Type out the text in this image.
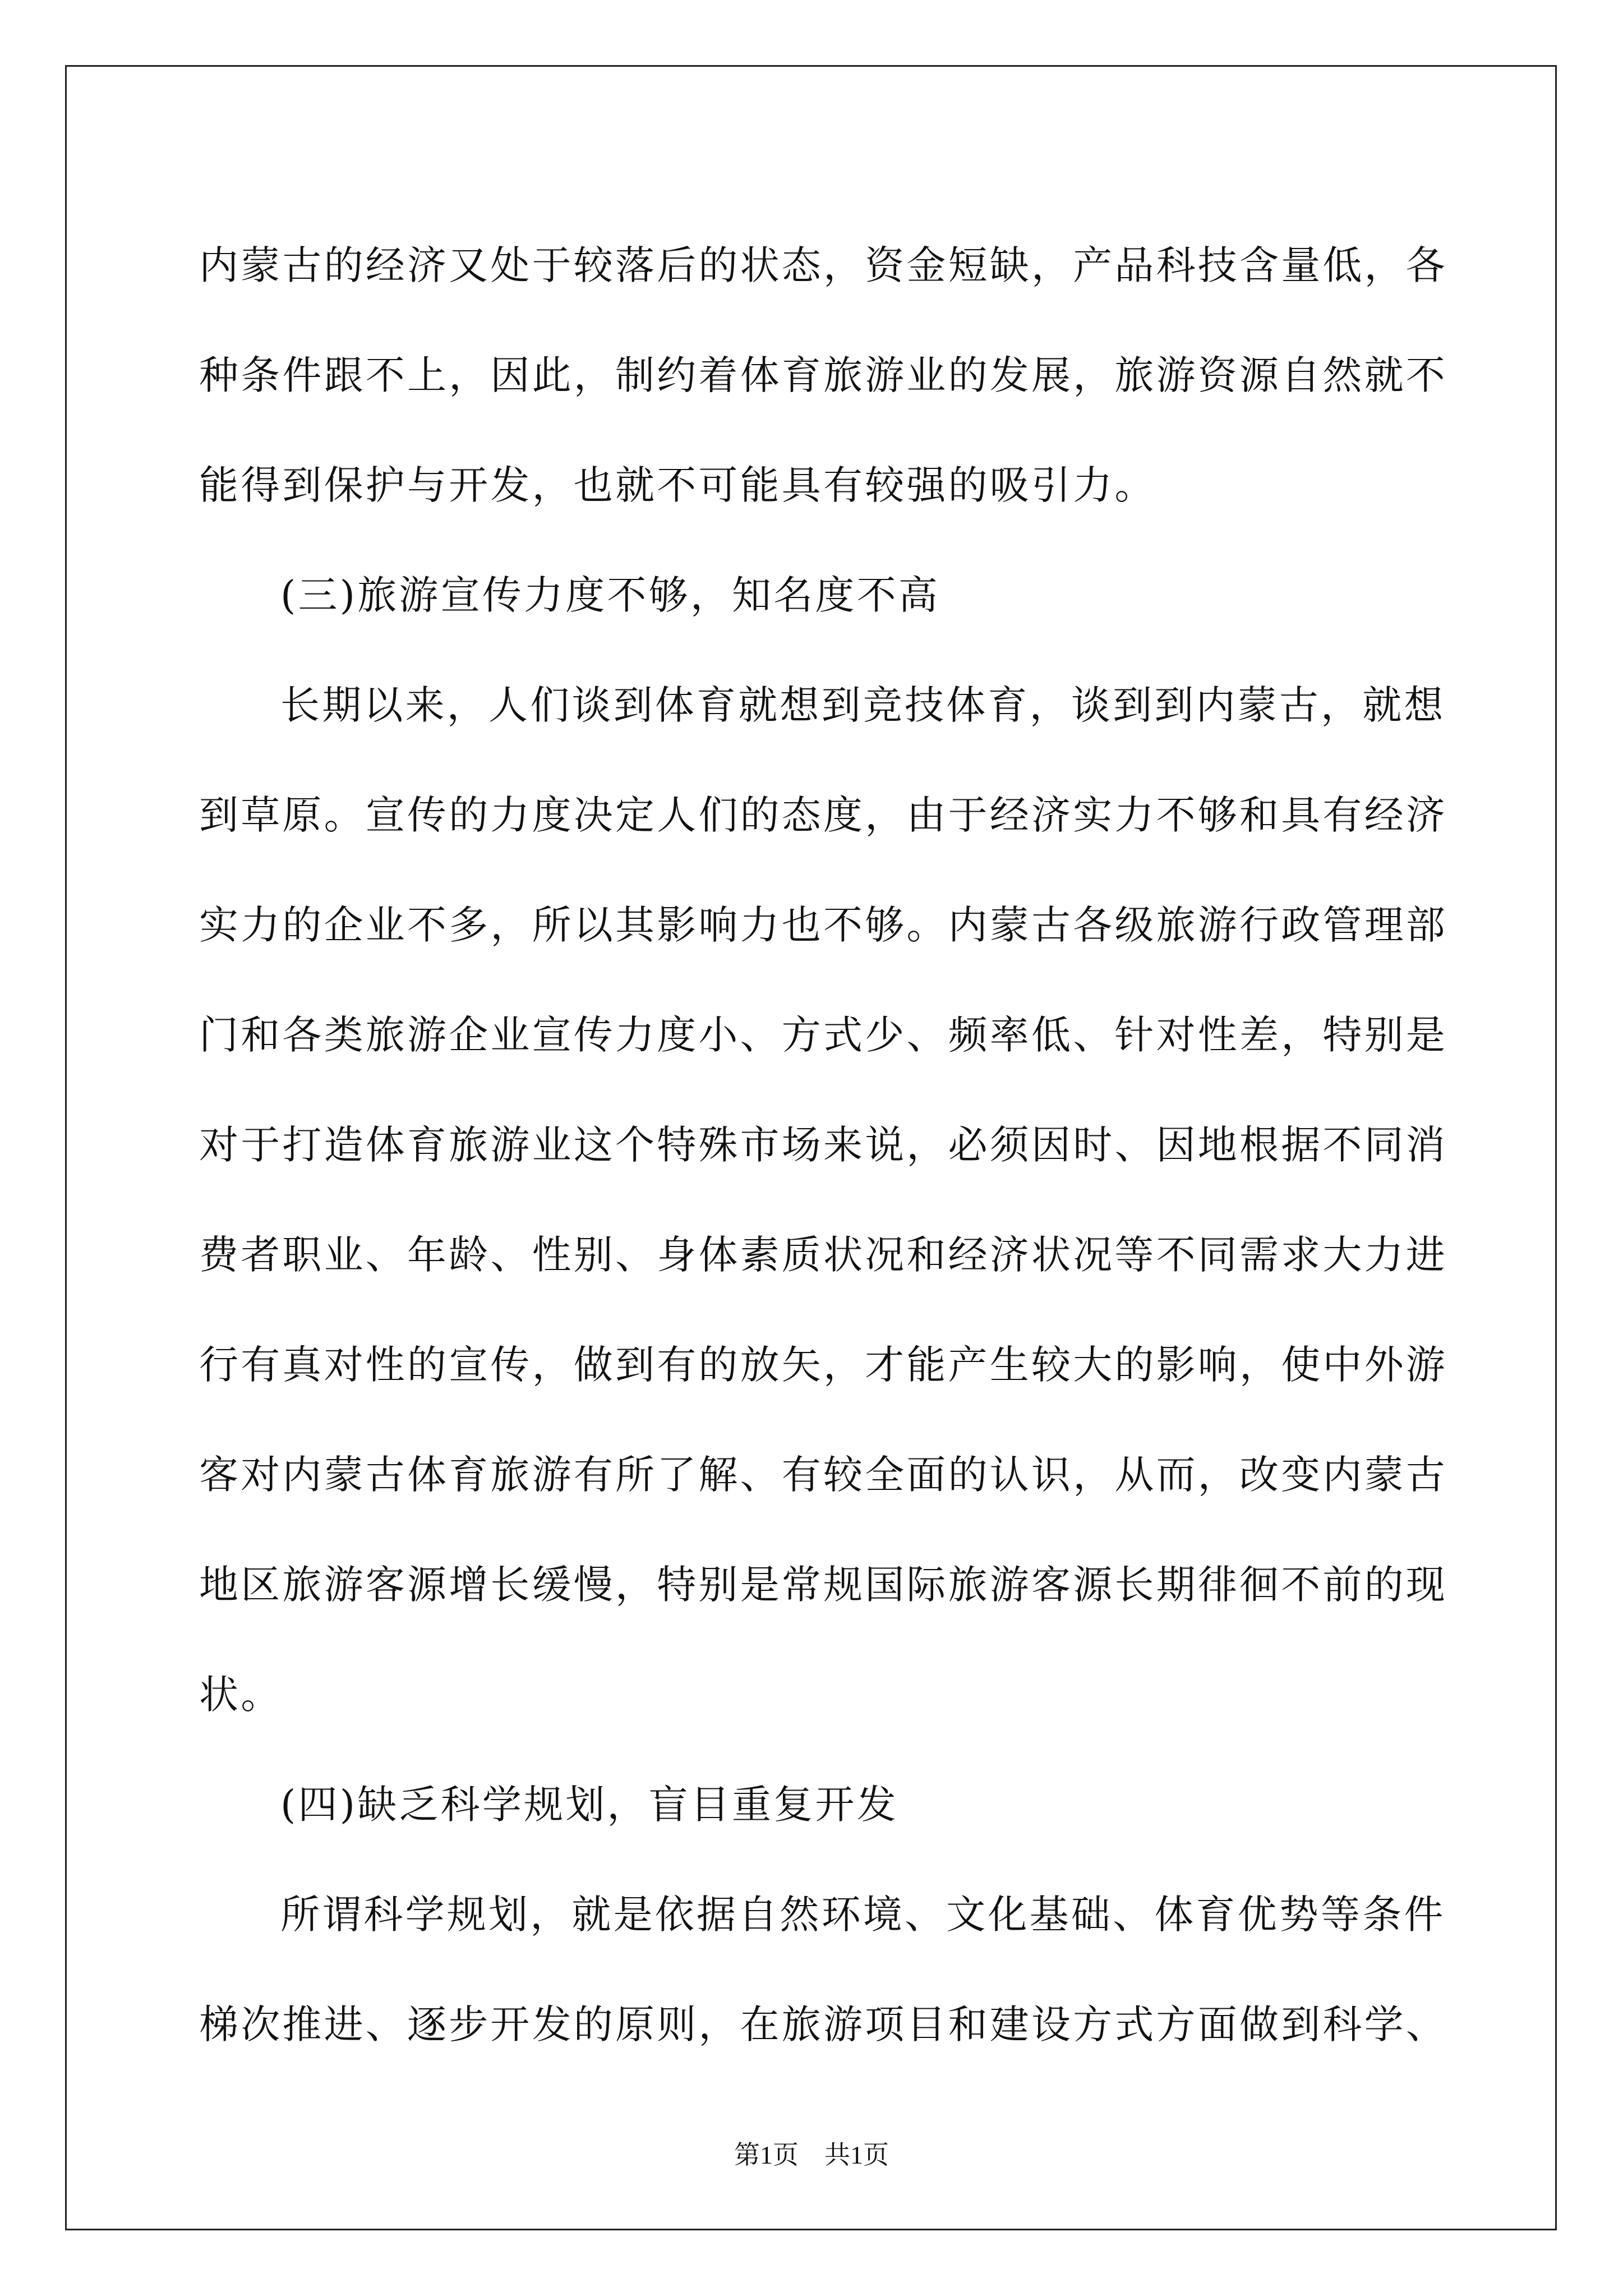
内蒙古的经济又处于较落后的状态，资金短缺，产品科技含量低，各
种条件跟不上，因此，制约着体育旅游业的发展，旅游资源自然就不
能得到保护与开发，也就不可能具有较强的吸引力。
(三)旅游宣传力度不够，知名度不高
长期以来，人们谈到体育就想到竞技体育，谈到到内蒙古，就想
到草原。宣传的力度决定人们的态度，由于经济实力不够和具有经济
实力的企业不多，所以其影响力也不够。内蒙古各级旅游行政管理部
门和各类旅游企业宣传力度小、方式少、频率低、针对性差，特别是
对于打造体育旅游业这个特殊市场来说，必须因时、因地根据不同消
费者职业、年龄、性别、身体素质状况和经济状况等不同需求大力进
行有真对性的宣传，做到有的放矢，才能产生较大的影响，使中外游
客对内蒙古体育旅游有所了解、有较全面的认识，从而，改变内蒙古
地区旅游客源增长缓慢，特别是常规国际旅游客源长期徘徊不前的现
状。
(四)缺乏科学规划，盲目重复开发
所谓科学规划，就是依据自然环境、文化基础、体育优势等条件
梯次推进、逐步开发的原则，在旅游项目和建设方式方面做到科学、
第1页 共1页
